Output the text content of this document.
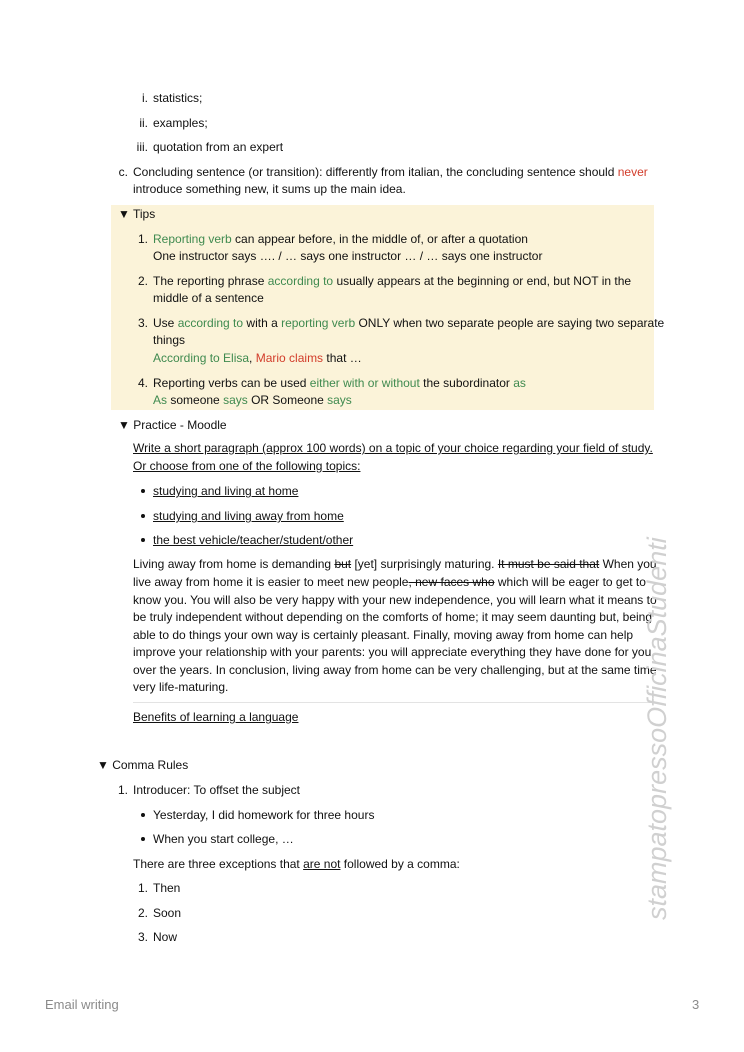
i. statistics;
ii. examples;
iii. quotation from an expert
c. Concluding sentence (or transition): differently from italian, the concluding sentence should never
introduce something new, it sums up the main idea.
▼ Tips
1. Reporting verb can appear before, in the middle of, or after a quotation
One instructor says …. / … says one instructor … / … says one instructor
2. The reporting phrase according to usually appears at the beginning or end, but NOT in the
middle of a sentence
3. Use according to with a reporting verb ONLY when two separate people are saying two separate
things
According to Elisa, Mario claims that …
4. Reporting verbs can be used either with or without the subordinator as
As someone says OR Someone says
▼ Practice - Moodle
Write a short paragraph (approx 100 words) on a topic of your choice regarding your field of study.
Or choose from one of the following topics:
studying and living at home
studying and living away from home
the best vehicle/teacher/student/other
Living away from home is demanding but [yet] surprisingly maturing. It must be said that When you
live away from home it is easier to meet new people, new faces who which will be eager to get to
know you. You will also be very happy with your new independence, you will learn what it means to
be truly independent without depending on the comforts of home; it may seem daunting but, being
able to do things your own way is certainly pleasant. Finally, moving away from home can help
improve your relationship with your parents: you will appreciate everything they have done for you
over the years. In conclusion, living away from home can be very challenging, but at the same time
very life-maturing.
Benefits of learning a language
▼ Comma Rules
1. Introducer: To offset the subject
Yesterday, I did homework for three hours
When you start college, …
There are three exceptions that are not followed by a comma:
1. Then
2. Soon
3. Now
stampatopressoOfficinaStudenti
Email writing	3
